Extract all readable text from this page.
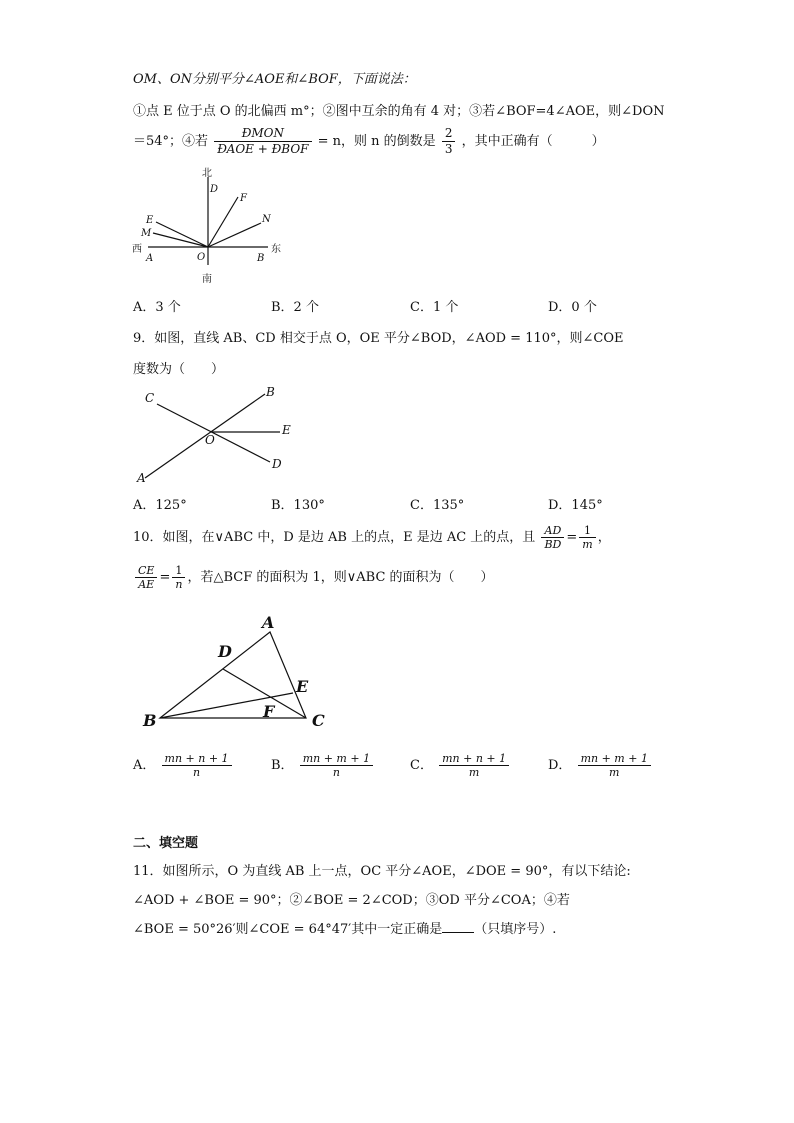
OM、ON分别平分∠AOE和∠BOF，下面说法：
①点 E 位于点 O 的北偏西 m°；②图中互余的角有 4 对；③若∠BOF=4∠AOE，则∠DON
＝54°；④若 $\frac{\text{ÐMON}}{\text{ÐAOE + ÐBOF}} = n$，则 n 的倒数是 $\frac{2}{3}$ ，其中正确有（　　　）
北
D
F
N
E
M
西
A	O	B
东
南
A．3 个	B．2 个	C．1 个	D．0 个
9．如图，直线 AB、CD 相交于点 O，OE 平分∠BOD，∠AOD = 110°，则∠COE
度数为（　　）
C	B
E
O
A
D
A．125°	B．130°	C．135°	D．145°
10．如图，在∨ABC 中，D 是边 AB 上的点，E 是边 AC 上的点，且 $\frac{AD}{BD} = \frac{1}{m}$ ，
$\frac{CE}{AE} = \frac{1}{n}$ ，若△BCF 的面积为 1，则∨ABC 的面积为（　　）
A
D
E
F
B	C
A． $\frac{mn + n + 1}{n}$	B． $\frac{mn + m + 1}{n}$	C． $\frac{mn + n + 1}{m}$	D． $\frac{mn + m + 1}{m}$
二、填空题
11．如图所示，O 为直线 AB 上一点，OC 平分∠AOE，∠DOE = 90°，有以下结论:
∠AOD + ∠BOE = 90°；②∠BOE = 2∠COD；③OD 平分∠COA；④若
∠BOE = 50°26′则∠COE = 64°47′其中一定正确是 （只填序号）.
